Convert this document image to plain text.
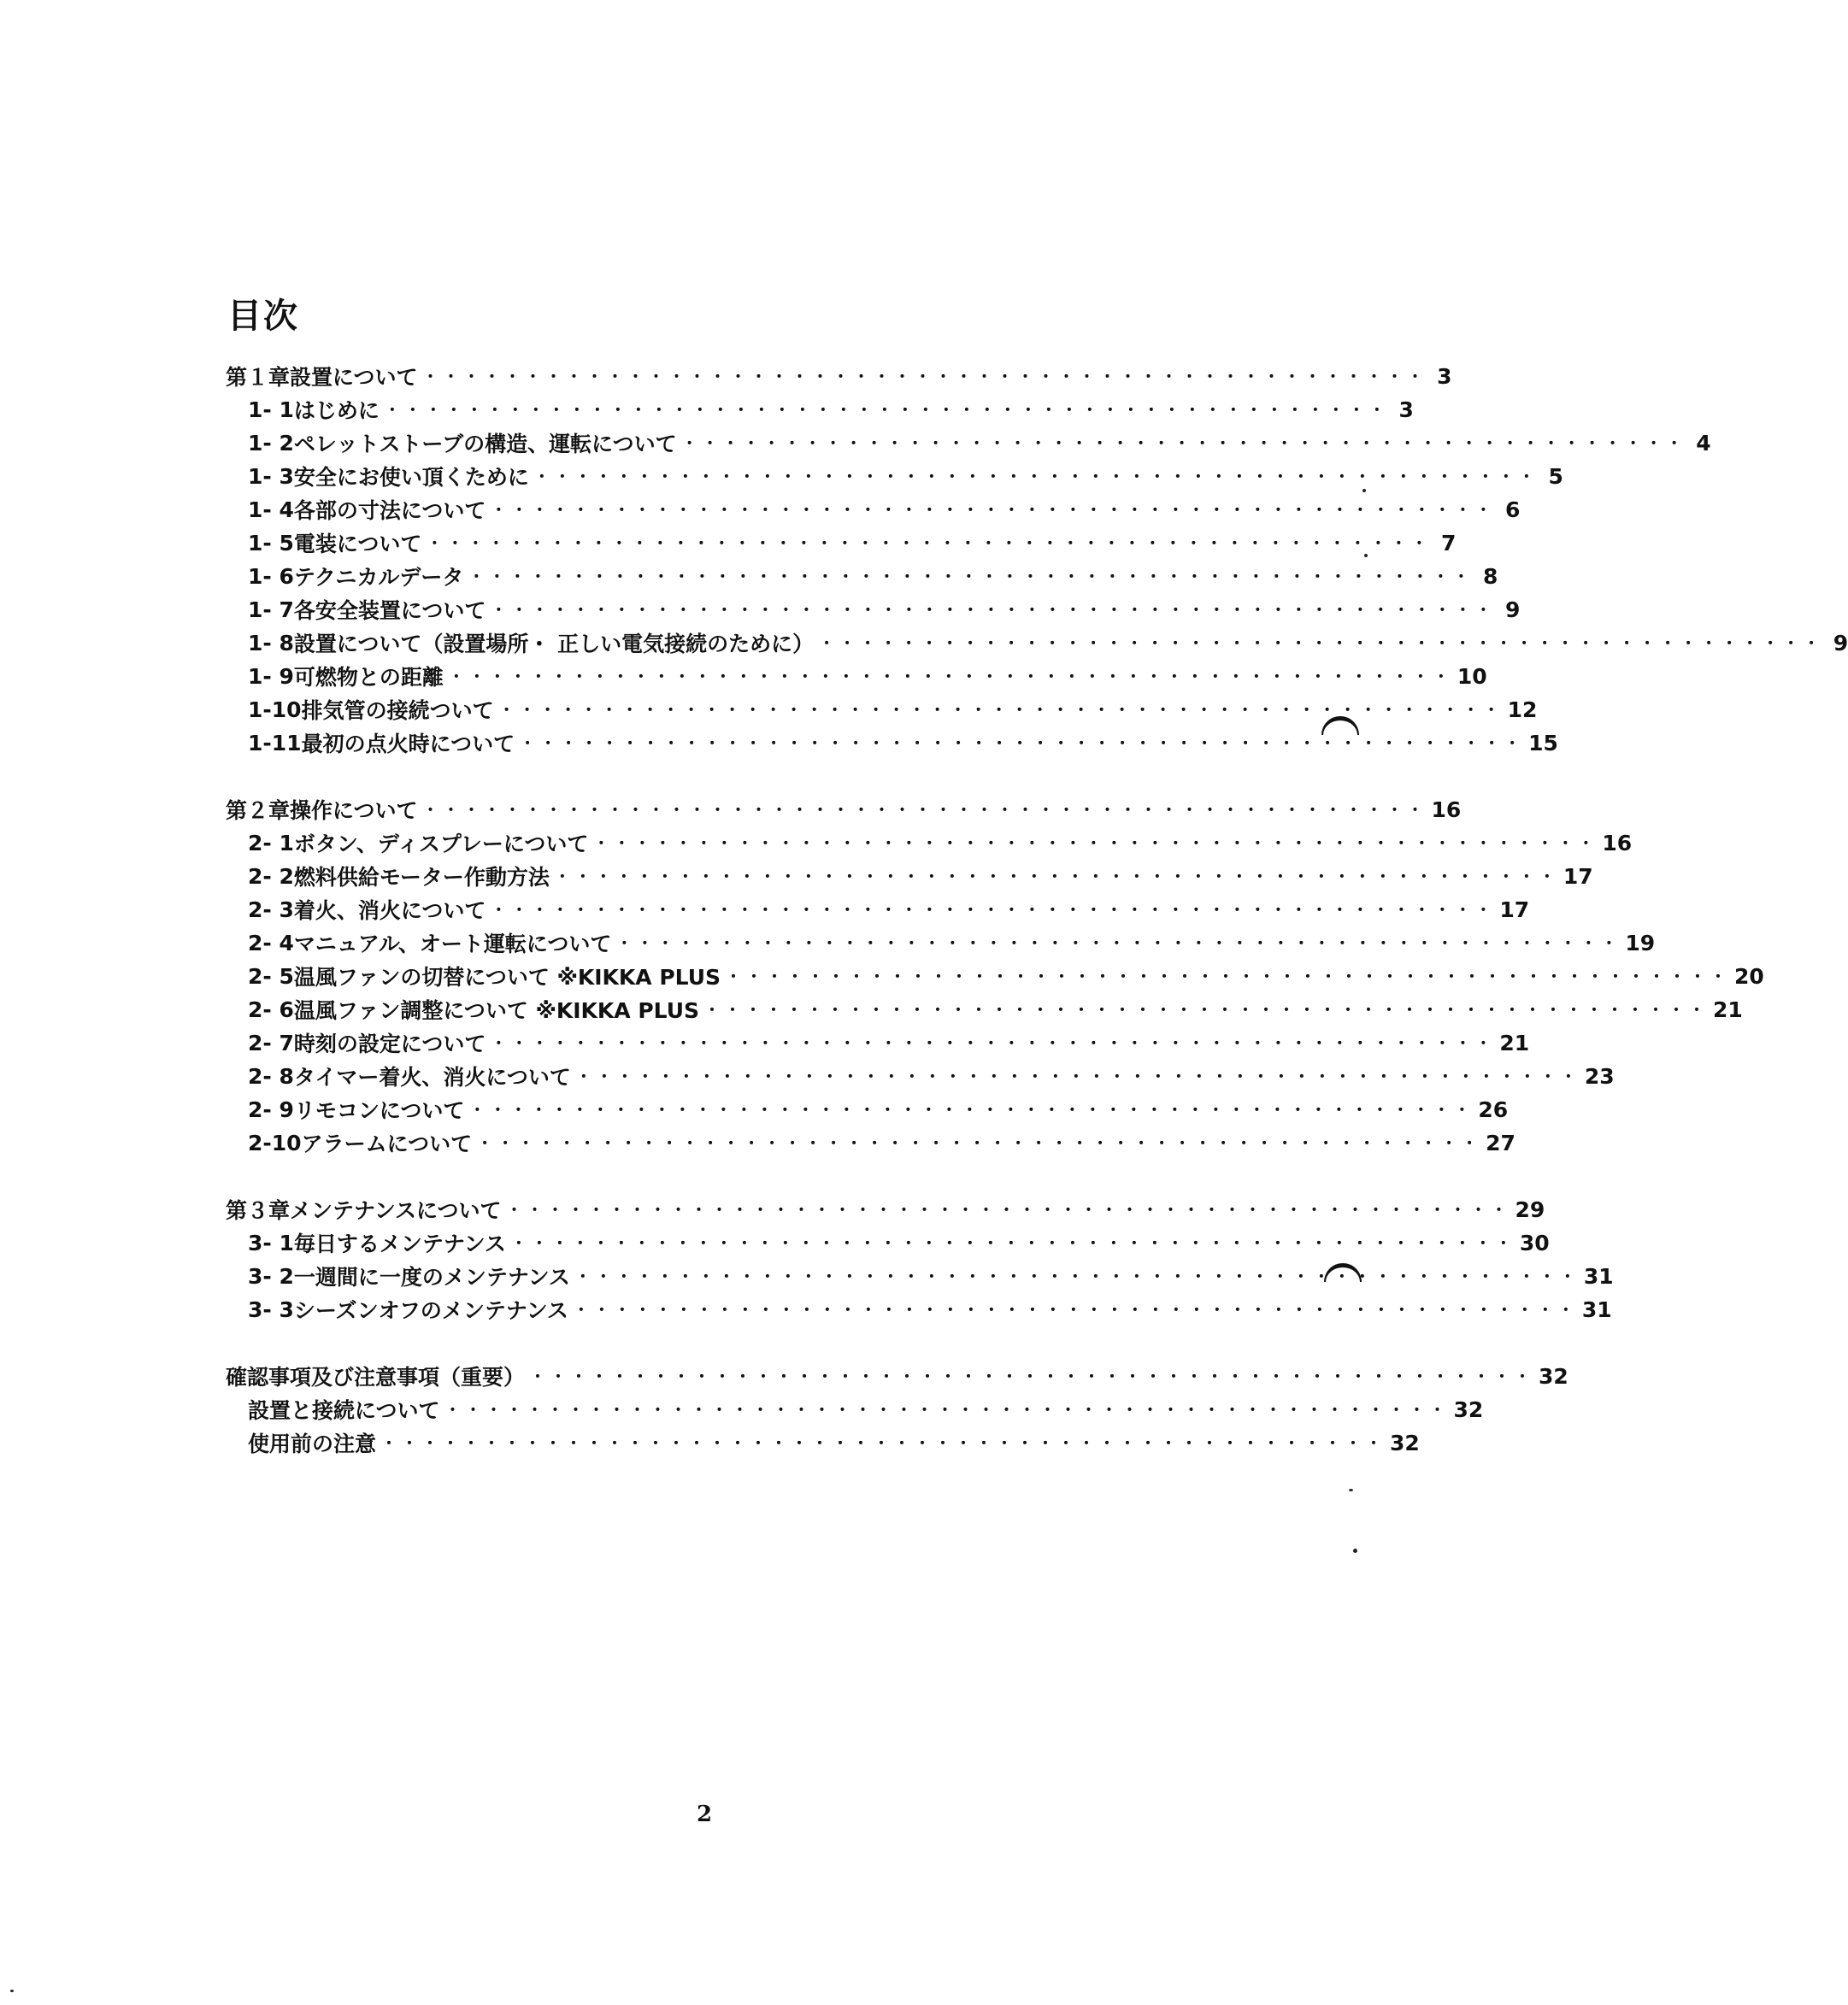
目次
第１章 設置について ・・・・・・・・・・・・・・・・・・・・・・・・・・・・・・・・・・・・・・・・・・・・・・・・・ 3
1- 1 はじめに ・・・・・・・・・・・・・・・・・・・・・・・・・・・・・・・・・・・・・・・・・・・・・・・・・ 3
1- 2 ペレットストーブの構造、運転について ・・・・・・・・・・・・・・・・・・・・・・・・・・・・・・・・・・・・・・・・・・・・・・・・・ 4
1- 3 安全にお使い頂くために ・・・・・・・・・・・・・・・・・・・・・・・・・・・・・・・・・・・・・・・・・・・・・・・・・ 5
1- 4 各部の寸法について ・・・・・・・・・・・・・・・・・・・・・・・・・・・・・・・・・・・・・・・・・・・・・・・・・ 6
1- 5 電装について ・・・・・・・・・・・・・・・・・・・・・・・・・・・・・・・・・・・・・・・・・・・・・・・・・ 7
1- 6 テクニカルデータ ・・・・・・・・・・・・・・・・・・・・・・・・・・・・・・・・・・・・・・・・・・・・・・・・・ 8
1- 7 各安全装置について ・・・・・・・・・・・・・・・・・・・・・・・・・・・・・・・・・・・・・・・・・・・・・・・・・ 9
1- 8 設置について（設置場所・ 正しい電気接続のために） ・・・・・・・・・・・・・・・・・・・・・・・・・・・・・・・・・・・・・・・・・・・・・・・・・ 9
1- 9 可燃物との距離 ・・・・・・・・・・・・・・・・・・・・・・・・・・・・・・・・・・・・・・・・・・・・・・・・・ 10
1-10 排気管の接続ついて ・・・・・・・・・・・・・・・・・・・・・・・・・・・・・・・・・・・・・・・・・・・・・・・・・ 12
1-11 最初の点火時について ・・・・・・・・・・・・・・・・・・・・・・・・・・・・・・・・・・・・・・・・・・・・・・・・・ 15
第２章 操作について ・・・・・・・・・・・・・・・・・・・・・・・・・・・・・・・・・・・・・・・・・・・・・・・・・ 16
2- 1 ボタン、ディスプレーについて ・・・・・・・・・・・・・・・・・・・・・・・・・・・・・・・・・・・・・・・・・・・・・・・・・ 16
2- 2 燃料供給モーター作動方法 ・・・・・・・・・・・・・・・・・・・・・・・・・・・・・・・・・・・・・・・・・・・・・・・・・ 17
2- 3 着火、消火について ・・・・・・・・・・・・・・・・・・・・・・・・・・・・・・・・・・・・・・・・・・・・・・・・・ 17
2- 4 マニュアル、オート運転について ・・・・・・・・・・・・・・・・・・・・・・・・・・・・・・・・・・・・・・・・・・・・・・・・・ 19
2- 5 温風ファンの切替について ※KIKKA PLUS ・・・・・・・・・・・・・・・・・・・・・・・・・・・・・・・・・・・・・・・・・・・・・・・・・ 20
2- 6 温風ファン調整について ※KIKKA PLUS ・・・・・・・・・・・・・・・・・・・・・・・・・・・・・・・・・・・・・・・・・・・・・・・・・ 21
2- 7 時刻の設定について ・・・・・・・・・・・・・・・・・・・・・・・・・・・・・・・・・・・・・・・・・・・・・・・・・ 21
2- 8 タイマー着火、消火について ・・・・・・・・・・・・・・・・・・・・・・・・・・・・・・・・・・・・・・・・・・・・・・・・・ 23
2- 9 リモコンについて ・・・・・・・・・・・・・・・・・・・・・・・・・・・・・・・・・・・・・・・・・・・・・・・・・ 26
2-10 アラームについて ・・・・・・・・・・・・・・・・・・・・・・・・・・・・・・・・・・・・・・・・・・・・・・・・・ 27
第３章 メンテナンスについて ・・・・・・・・・・・・・・・・・・・・・・・・・・・・・・・・・・・・・・・・・・・・・・・・・ 29
3- 1 毎日するメンテナンス ・・・・・・・・・・・・・・・・・・・・・・・・・・・・・・・・・・・・・・・・・・・・・・・・・ 30
3- 2 一週間に一度のメンテナンス ・・・・・・・・・・・・・・・・・・・・・・・・・・・・・・・・・・・・・・・・・・・・・・・・・ 31
3- 3 シーズンオフのメンテナンス ・・・・・・・・・・・・・・・・・・・・・・・・・・・・・・・・・・・・・・・・・・・・・・・・・ 31
確認事項及び注意事項（重要） ・・・・・・・・・・・・・・・・・・・・・・・・・・・・・・・・・・・・・・・・・・・・・・・・・ 32
設置と接続について ・・・・・・・・・・・・・・・・・・・・・・・・・・・・・・・・・・・・・・・・・・・・・・・・・ 32
使用前の注意 ・・・・・・・・・・・・・・・・・・・・・・・・・・・・・・・・・・・・・・・・・・・・・・・・・ 32

2
